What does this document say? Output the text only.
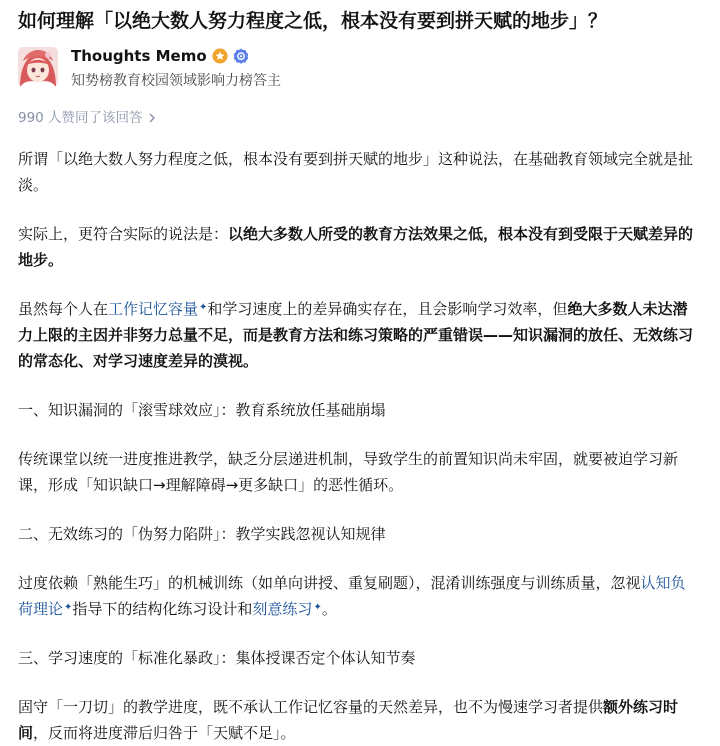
如何理解「以绝大数人努力程度之低，根本没有要到拼天赋的地步」？
Thoughts Memo
知势榜教育校园领域影响力榜答主
990 人赞同了该回答

所谓「以绝大数人努力程度之低，根本没有要到拼天赋的地步」这种说法，在基础教育领域完全就是扯淡。

实际上，更符合实际的说法是：以绝大多数人所受的教育方法效果之低，根本没有到受限于天赋差异的地步。

虽然每个人在工作记忆容量✦和学习速度上的差异确实存在，且会影响学习效率，但绝大多数人未达潜力上限的主因并非努力总量不足，而是教育方法和练习策略的严重错误——知识漏洞的放任、无效练习的常态化、对学习速度差异的漠视。

一、知识漏洞的「滚雪球效应」：教育系统放任基础崩塌

传统课堂以统一进度推进教学，缺乏分层递进机制，导致学生的前置知识尚未牢固，就要被迫学习新课，形成「知识缺口→理解障碍→更多缺口」的恶性循环。

二、无效练习的「伪努力陷阱」：教学实践忽视认知规律

过度依赖「熟能生巧」的机械训练（如单向讲授、重复刷题），混淆训练强度与训练质量，忽视认知负荷理论✦指导下的结构化练习设计和刻意练习✦。

三、学习速度的「标准化暴政」：集体授课否定个体认知节奏

固守「一刀切」的教学进度，既不承认工作记忆容量的天然差异，也不为慢速学习者提供额外练习时间，反而将进度滞后归咎于「天赋不足」。
